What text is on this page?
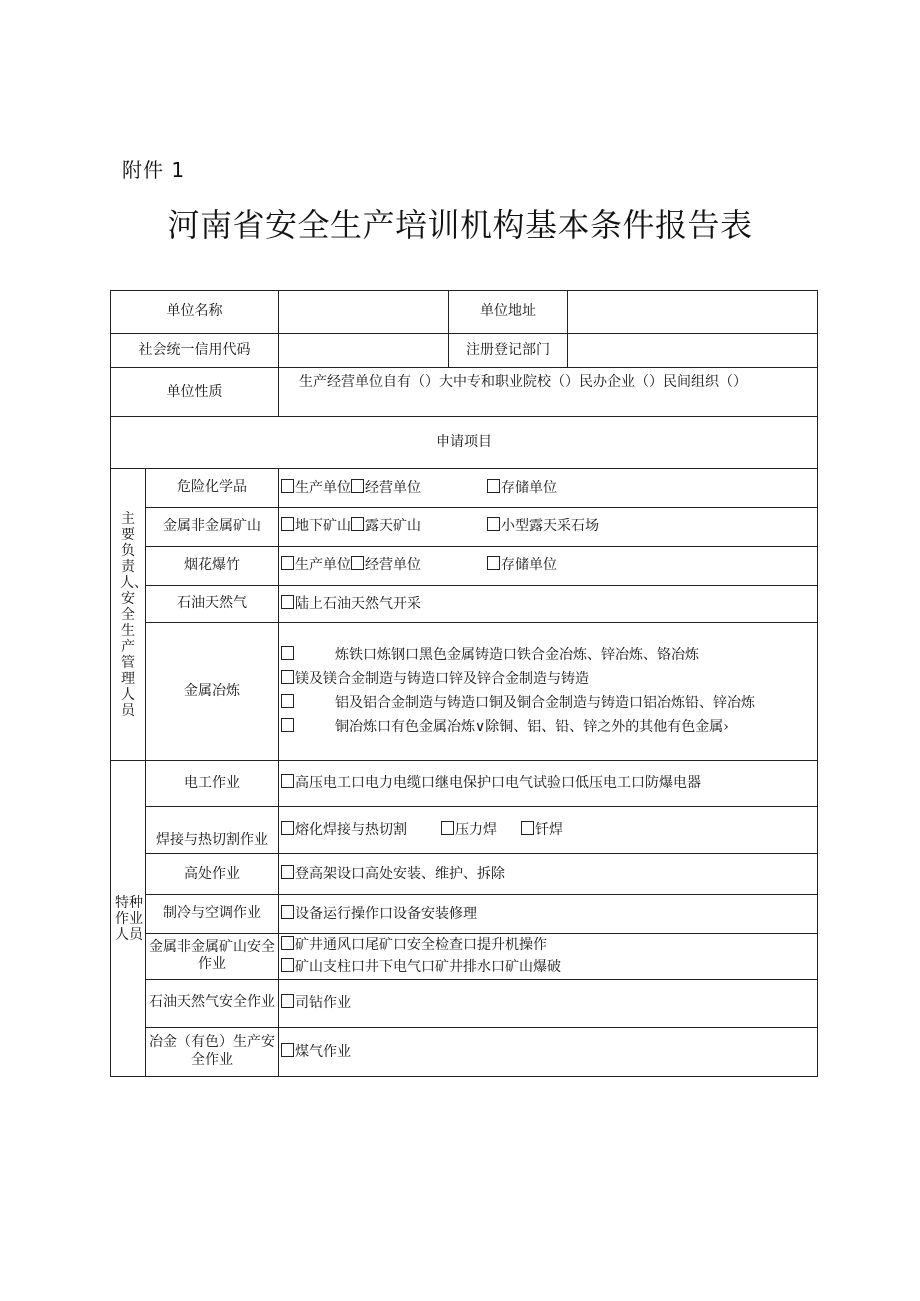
附件 1
河南省安全生产培训机构基本条件报告表
单位名称			单位地址	
社会统一信用代码			注册登记部门	
单位性质		生产经营单位自有（）大中专和职业院校（）民办企业（）民间组织（）		
申请项目				

主要负责人、安全生产管理人员	危险化学品	生产单位 经营单位 存储单位		
	金属非金属矿山	地下矿山 露天矿山 小型露天采石场		
	烟花爆竹	生产单位 经营单位 存储单位		
	石油天然气	陆上石油天然气开采		
	金属冶炼	炼铁口炼钢口黑色金属铸造口铁合金冶炼、锌冶炼、铬冶炼
镁及镁合金制造与铸造口锌及锌合金制造与铸造
铝及铝合金制造与铸造口铜及铜合金制造与铸造口铝冶炼铅、锌冶炼
铜冶炼口有色金属冶炼∨除铜、铝、铅、锌之外的其他有色金属›		

特种作业人员	电工作业	高压电工口电力电缆口继电保护口电气试验口低压电工口防爆电器		
	焊接与热切割作业	熔化焊接与热切割 压力焊 钎焊		
	高处作业	登高架设口高处安装、维护、拆除		
	制冷与空调作业	设备运行操作口设备安装修理		
	金属非金属矿山安全作业	矿井通风口尾矿口安全检查口提升机操作
矿山支柱口井下电气口矿井排水口矿山爆破		

	石油天然气安全作业	司钻作业		
	冶金（有色）生产安全作业	煤气作业		
